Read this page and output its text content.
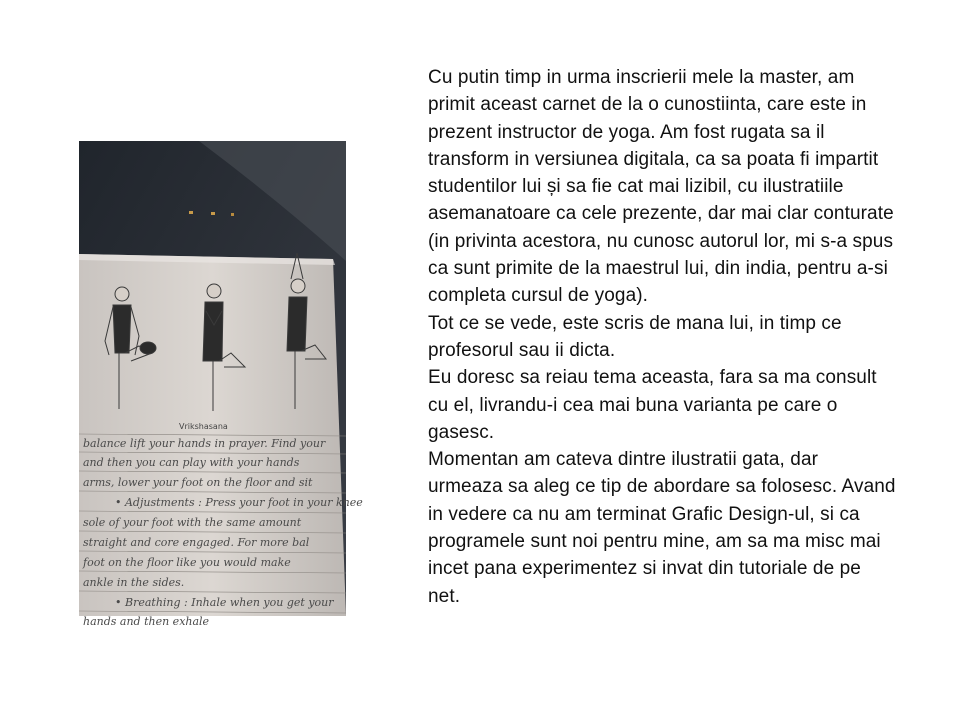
Vrikshasana
balance lift your hands in prayer. Find your
and then you can play with your hands
arms, lower your foot on the floor and sit
• Adjustments : Press your foot in your knee
sole of your foot with the same amount
straight and core engaged. For more bal
foot on the floor like you would make
ankle in the sides.
• Breathing : Inhale when you get your
hands and then exhale

Cu putin timp in urma inscrierii mele la master, am primit aceast carnet de la o cunostiinta, care este in prezent instructor de yoga. Am fost rugata sa il transform in versiunea digitala, ca sa poata fi impartit studentilor lui și sa fie cat mai lizibil, cu ilustratiile asemanatoare ca cele prezente, dar mai clar conturate (in privinta acestora, nu cunosc autorul lor, mi s-a spus ca sunt primite de la maestrul lui, din india, pentru a-si completa cursul de yoga).

Tot ce se vede, este scris de mana lui, in timp ce profesorul sau ii dicta.

Eu doresc sa reiau tema aceasta, fara sa ma consult cu el, livrandu-i cea mai buna varianta pe care o gasesc.

Momentan am cateva dintre ilustratii gata, dar urmeaza sa aleg ce tip de abordare sa folosesc. Avand in vedere ca nu am terminat Grafic Design-ul, si ca programele sunt noi pentru mine, am sa ma misc mai incet pana experimentez si invat din tutoriale de pe net.
